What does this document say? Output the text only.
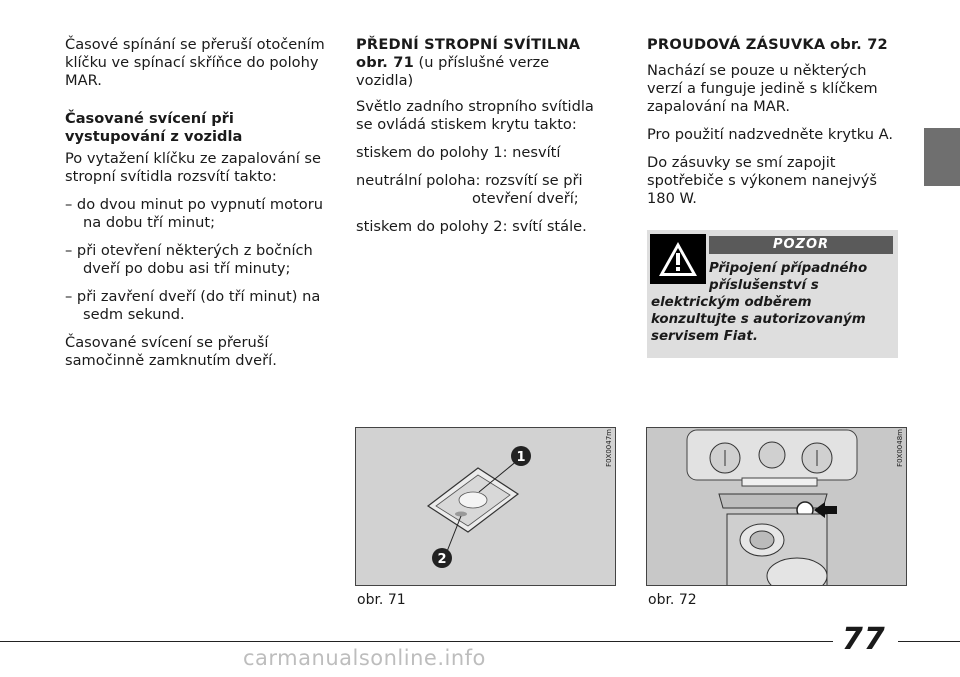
Časové spínání se přeruší otočením klíčku ve spínací skříňce do polohy MAR.

Časované svícení při vystupování z vozidla

Po vytažení klíčku ze zapalování se stropní svítidla rozsvítí takto:

– do dvou minut po vypnutí motoru na dobu tří minut;

– při otevření některých z bočních dveří po dobu asi tří minuty;

– při zavření dveří (do tří minut) na sedm sekund.

Časované svícení se přeruší samočinně zamknutím dveří.

PŘEDNÍ STROPNÍ SVÍTILNA
obr. 71 (u příslušné verze vozidla)

Světlo zadního stropního svítidla se ovládá stiskem krytu takto:

stiskem do polohy 1: nesvítí

neutrální poloha: rozsvítí se při
otevření dveří;

stiskem do polohy 2: svítí stále.

PROUDOVÁ ZÁSUVKA obr. 72

Nachází se pouze u některých verzí a funguje jedině s klíčkem zapalování na MAR.

Pro použití nadzvedněte krytku A.

Do zásuvky se smí zapojit spotřebiče s výkonem nanejvýš 180 W.

POZOR
Připojení případného
příslušenství s
elektrickým odběrem konzultujte s autorizovaným servisem Fiat.
1
2
F0X0047m
obr. 71
F0X0048m
obr. 72
77
carmanualsonline.info
